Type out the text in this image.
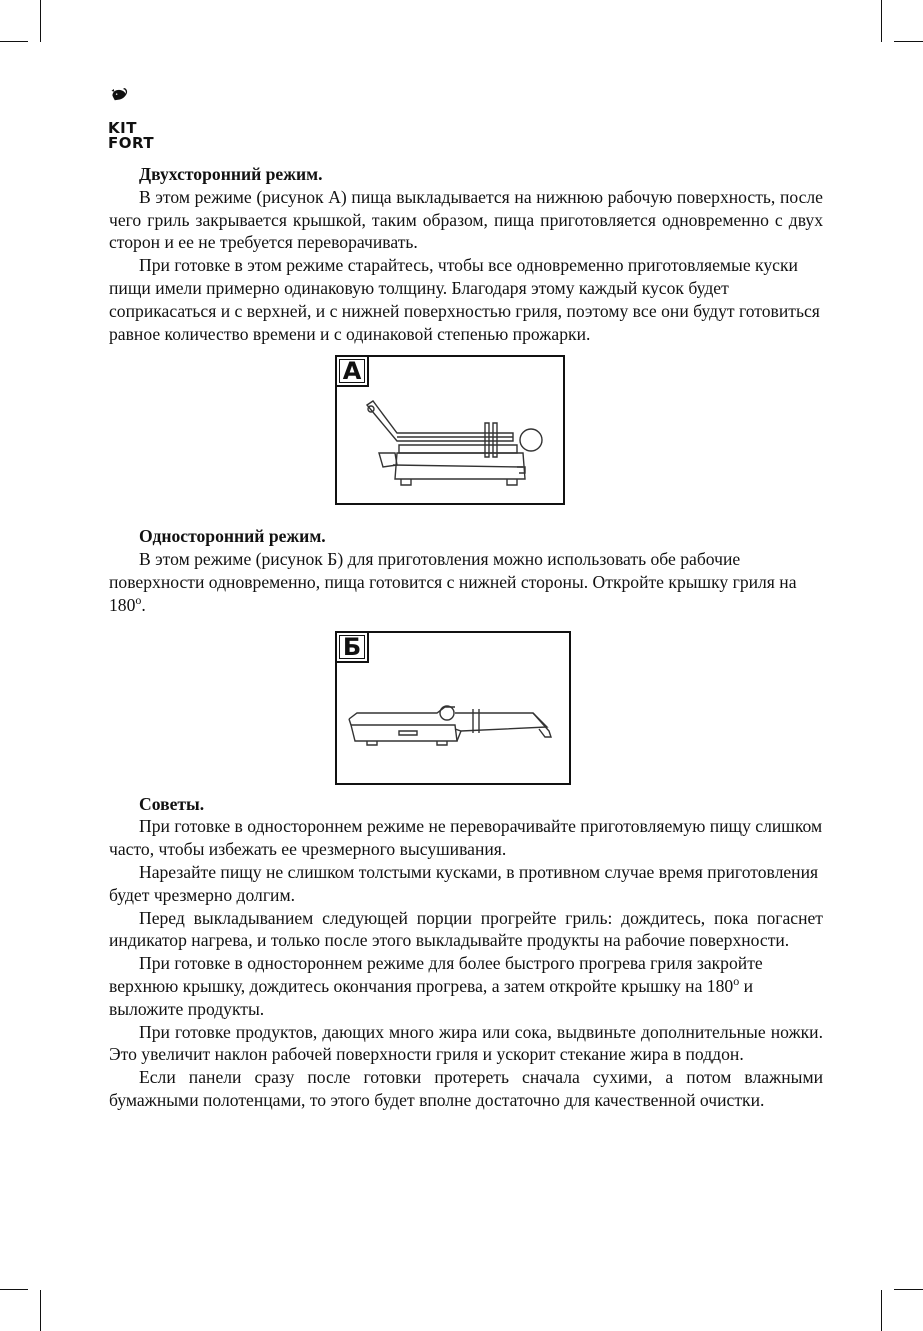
KIT
FORT
Двухсторонний режим.

В этом режиме (рисунок А) пища выкладывается на нижнюю рабочую поверхность, после чего гриль закрывается крышкой, таким образом, пища приготовляется одновременно с двух сторон и ее не требуется переворачивать.

При готовке в этом режиме старайтесь, чтобы все одновременно приготовляемые куски пищи имели примерно одинаковую толщину. Благодаря этому каждый кусок будет соприкасаться и с верхней, и с нижней поверхностью гриля, поэтому все они будут готовиться равное количество времени и с одинаковой степенью прожарки.

А
Односторонний режим.

В этом режиме (рисунок Б) для приготовления можно использовать обе рабочие поверхности одновременно, пища готовится с нижней стороны. Откройте крышку гриля на $180^о$.

Б
Советы.

При готовке в одностороннем режиме не переворачивайте приготовляемую пищу слишком часто, чтобы избежать ее чрезмерного высушивания.

Нарезайте пищу не слишком толстыми кусками, в противном случае время приготовления будет чрезмерно долгим.

Перед выкладыванием следующей порции прогрейте гриль: дождитесь, пока погаснет индикатор нагрева, и только после этого выкладывайте продукты на рабочие поверхности.

При готовке в одностороннем режиме для более быстрого прогрева гриля закройте верхнюю крышку, дождитесь окончания прогрева, а затем откройте крышку на $180^о$ и выложите продукты.

При готовке продуктов, дающих много жира или сока, выдвиньте дополнительные ножки. Это увеличит наклон рабочей поверхности гриля и ускорит стекание жира в поддон.

Если панели сразу после готовки протереть сначала сухими, а потом влажными бумажными полотенцами, то этого будет вполне достаточно для качественной очистки.
